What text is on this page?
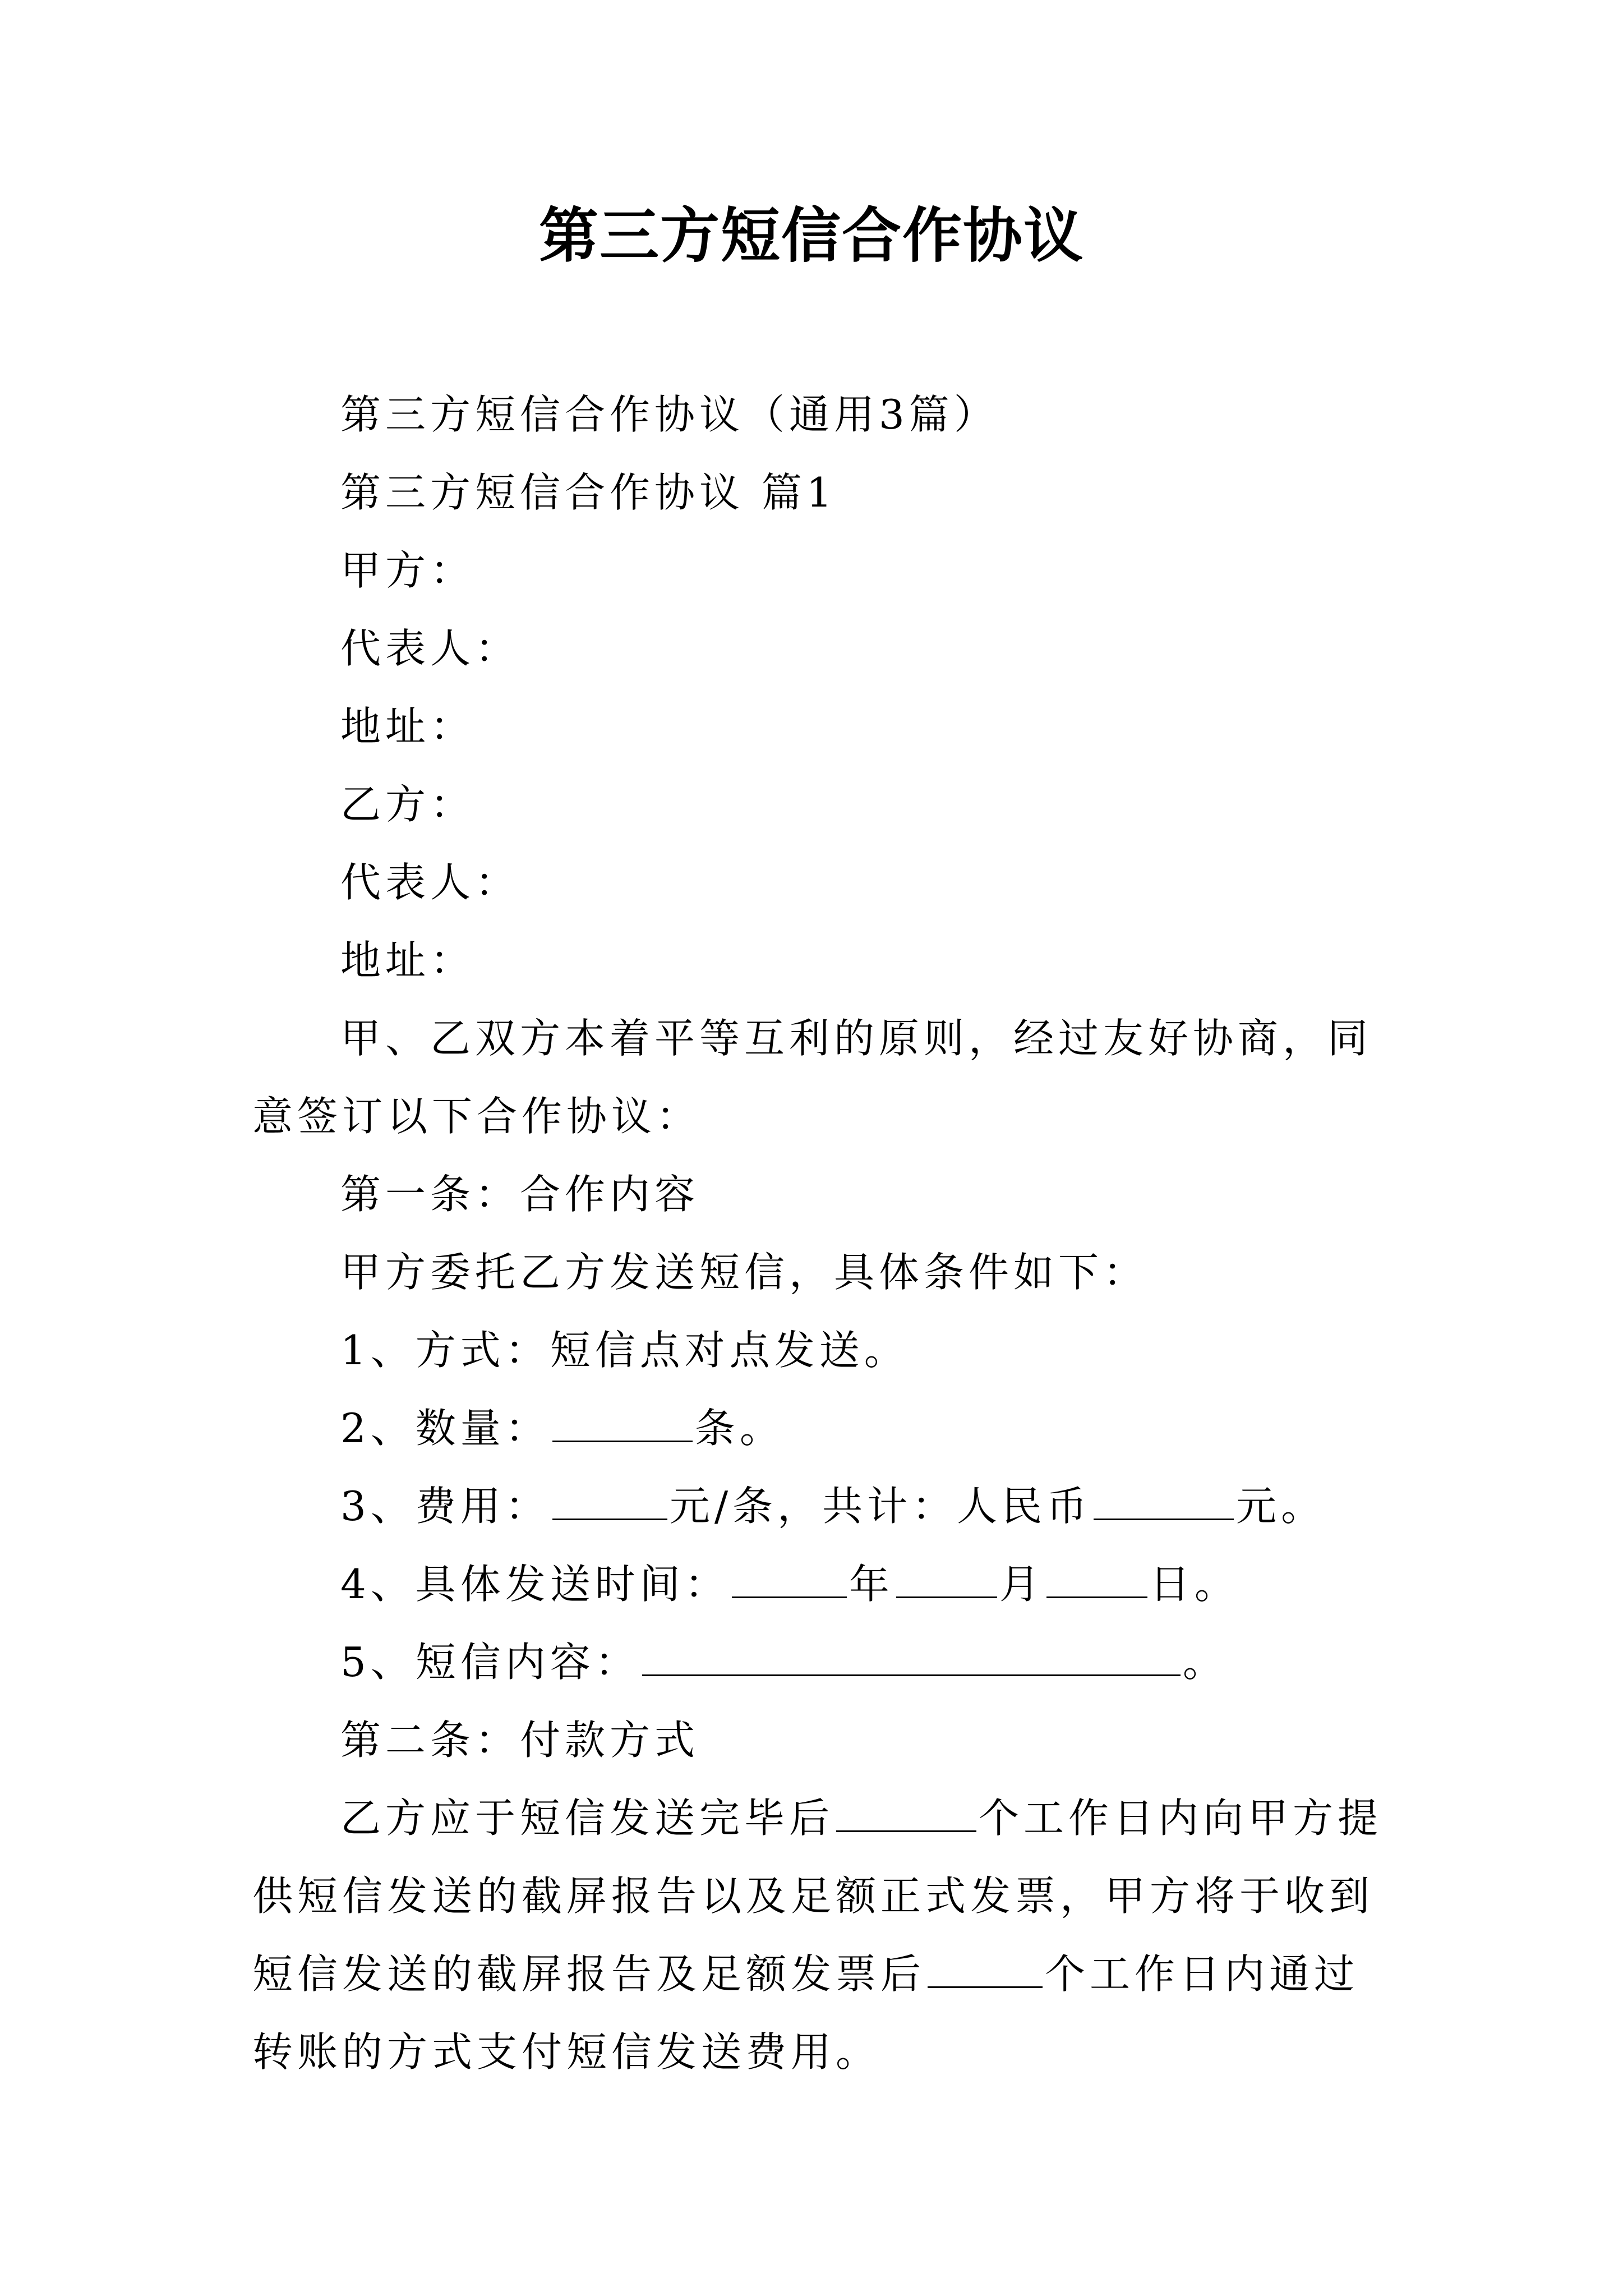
第三方短信合作协议

第三方短信合作协议（通用3篇）

第三方短信合作协议 篇1

甲方：

代表人：

地址：

乙方：

代表人：

地址：

甲、乙双方本着平等互利的原则，经过友好协商，同意签订以下合作协议：

第一条：合作内容

甲方委托乙方发送短信，具体条件如下：

1、方式：短信点对点发送。

2、数量：	条。

3、费用：	元/条，共计：人民币	元。

4、具体发送时间：	年	月	日。

5、短信内容：	。

第二条：付款方式

乙方应于短信发送完毕后	个工作日内向甲方提供短信发送的截屏报告以及足额正式发票，甲方将于收到短信发送的截屏报告及足额发票后	个工作日内通过转账的方式支付短信发送费用。
